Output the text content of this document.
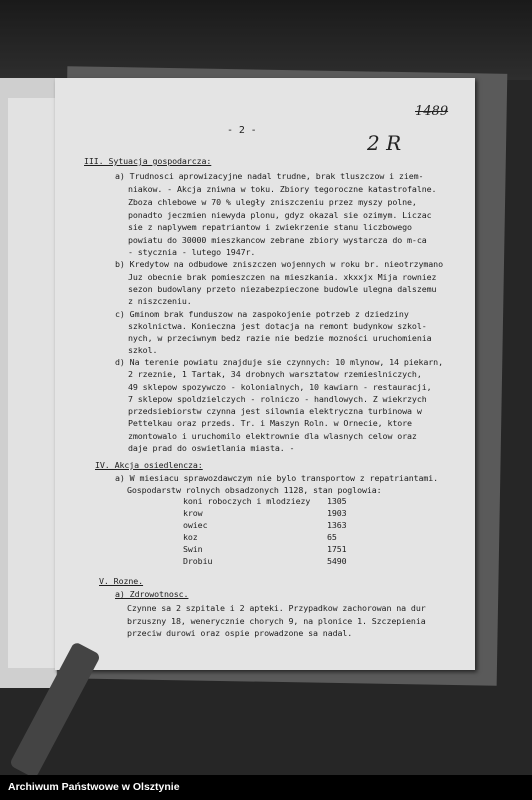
- 2 -
1489
2 R
III. Sytuacja gospodarcza:
a) Trudnosci aprowizacyjne nadal trudne, brak tluszczow i ziem-
niakow. - Akcja zniwna w toku. Zbiory tegoroczne katastrofalne.
Zboza chlebowe w 70 % uległy zniszczeniu przez myszy polne,
ponadto jeczmien niewyda plonu, gdyz okazal sie ozimym. Liczac
sie z naplywem repatriantow i zwiekrzenie stanu liczbowego
powiatu do 30000 mieszkancow zebrane zbiory wystarcza do m-ca
- stycznia - lutego 1947r.
b) Kredytow na odbudowe zniszczen wojennych w roku br. nieotrzymano
Juz obecnie brak pomieszczen na mieszkania. xkxxjx Mija rowniez
sezon budowlany przeto niezabezpieczone budowle ulegna dalszemu
z niszczeniu.
c) Gminom brak funduszow na zaspokojenie potrzeb z dziedziny
szkolnictwa. Konieczna jest dotacja na remont budynkow szkol-
nych, w przeciwnym bedz razie nie bedzie mozności uruchomienia
szkol.
d) Na terenie powiatu znajduje sie czynnych: 10 mlynow, 14 piekarn,
2 rzeznie, 1 Tartak, 34 drobnych warsztatow rzemieslniczych,
49 sklepow spozywczo - kolonialnych, 10 kawiarn - restauracji,
7 sklepow spoldzielczych - rolniczo - handlowych. Z wiekrzych
przedsiebiorstw czynna jest silownia elektryczna turbinowa w
Pettelkau oraz przeds. Tr. i Maszyn Roln. w Ornecie, ktore
zmontowalo i uruchomilo elektrownie dla wlasnych celow oraz
daje prad do oswietlania miasta. -
IV. Akcja osiedlencza:
a) W miesiacu sprawozdawczym nie bylo transportow z repatriantami.
Gospodarstw rolnych obsadzonych 1128, stan poglowia:
koni roboczych i mlodziezy 1305
krow	1903
owiec	1363
koz	65
Swin	1751
Drobiu	5490
V. Rozne.
a) Zdrowotnosc.
Czynne sa 2 szpitale i 2 apteki. Przypadkow zachorowan na dur
brzuszny 18, wenerycznie chorych 9, na plonice 1. Szczepienia
przeciw durowi oraz ospie prowadzone sa nadal.
Archiwum Państwowe w Olsztynie
